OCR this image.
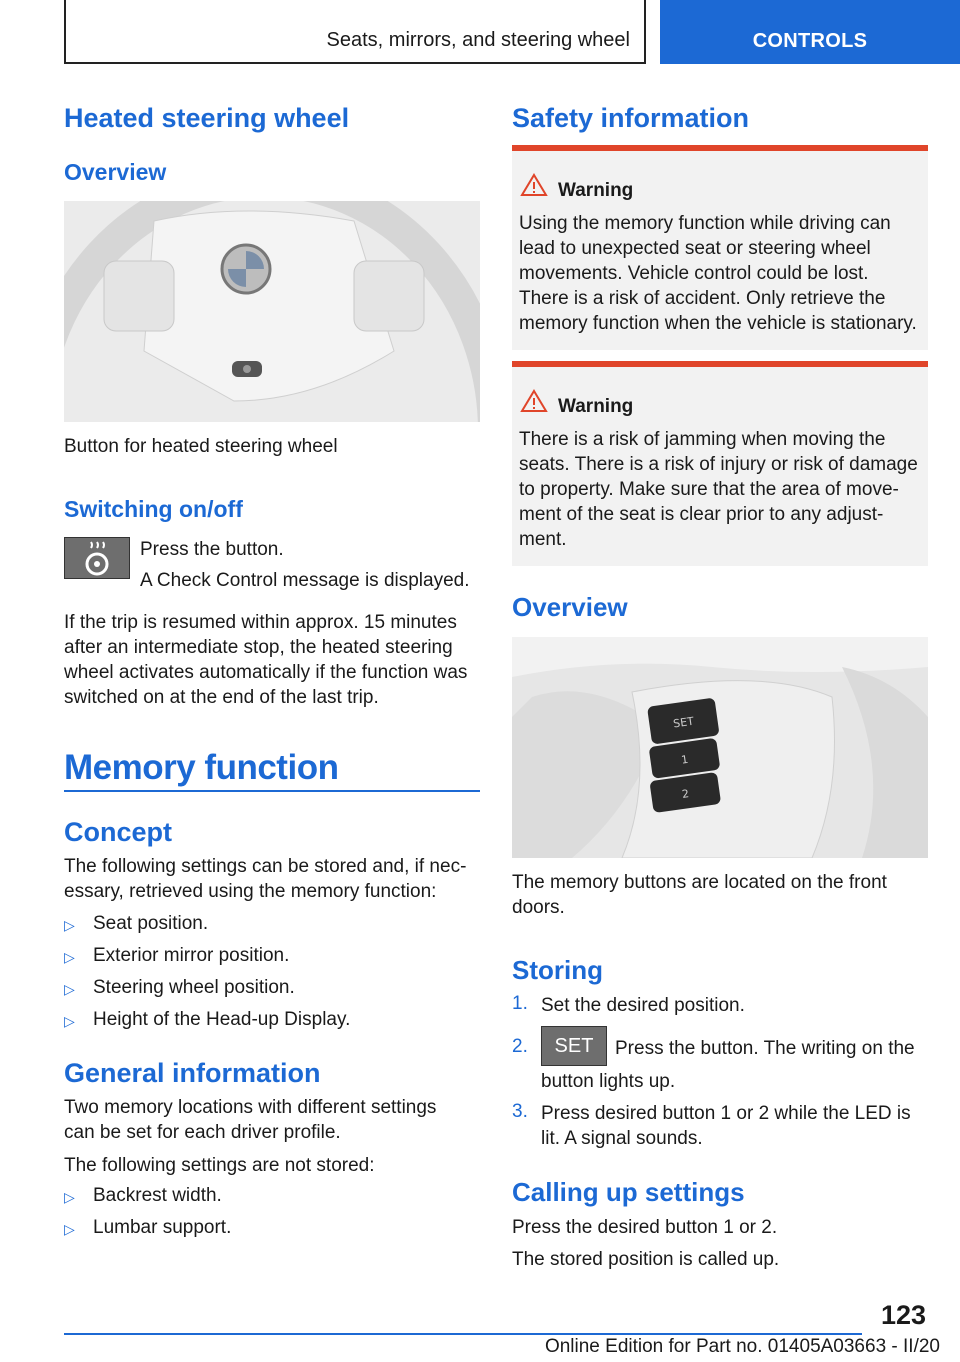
Seats, mirrors, and steering wheel	CONTROLS
Heated steering wheel
Overview
Button for heated steering wheel
Switching on/off
Press the button.
A Check Control message is displayed.
If the trip is resumed within approx. 15 minutes
after an intermediate stop, the heated steering
wheel activates automatically if the function was
switched on at the end of the last trip.
Memory function
Concept
The following settings can be stored and, if nec-
essary, retrieved using the memory function:
▷ Seat position.
▷ Exterior mirror position.
▷ Steering wheel position.
▷ Height of the Head-up Display.
General information
Two memory locations with different settings
can be set for each driver profile.
The following settings are not stored:
▷ Backrest width.
▷ Lumbar support.
Safety information
Warning
Using the memory function while driving can
lead to unexpected seat or steering wheel
movements. Vehicle control could be lost.
There is a risk of accident. Only retrieve the
memory function when the vehicle is stationary.
Warning
There is a risk of jamming when moving the
seats. There is a risk of injury or risk of damage
to property. Make sure that the area of move-
ment of the seat is clear prior to any adjust-
ment.
Overview
SET
1
2
The memory buttons are located on the front
doors.
Storing
1. Set the desired position.
2.	SET	Press the button. The writing on the
button lights up.
3. Press desired button 1 or 2 while the LED is
lit. A signal sounds.
Calling up settings
Press the desired button 1 or 2.
The stored position is called up.
123
Online Edition for Part no. 01405A03663 - II/20
